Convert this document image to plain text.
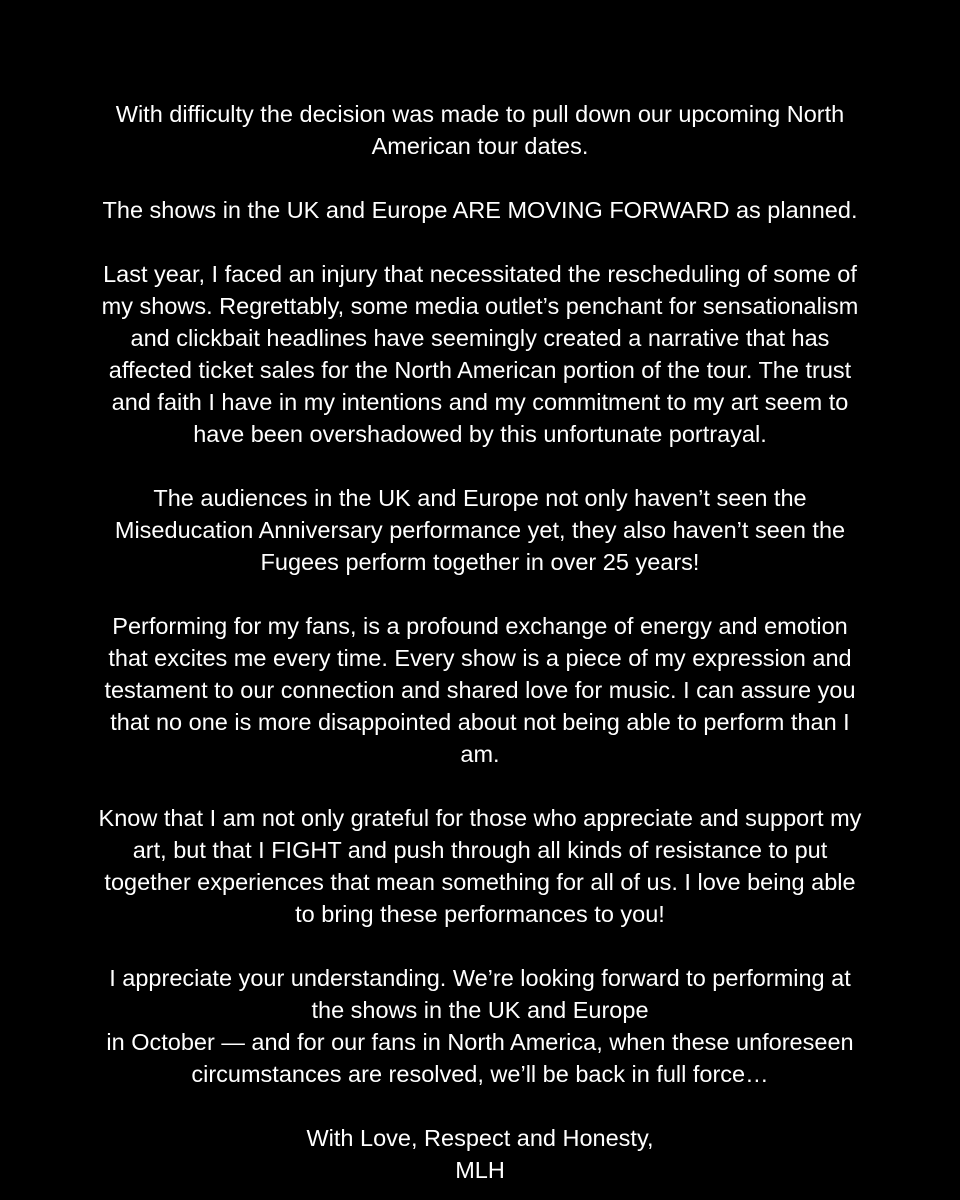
With difficulty the decision was made to pull down our upcoming North
American tour dates.

The shows in the UK and Europe ARE MOVING FORWARD as planned.

Last year, I faced an injury that necessitated the rescheduling of some of
my shows. Regrettably, some media outlet’s penchant for sensationalism
and clickbait headlines have seemingly created a narrative that has
affected ticket sales for the North American portion of the tour. The trust
and faith I have in my intentions and my commitment to my art seem to
have been overshadowed by this unfortunate portrayal.

The audiences in the UK and Europe not only haven’t seen the
Miseducation Anniversary performance yet, they also haven’t seen the
Fugees perform together in over 25 years!

Performing for my fans, is a profound exchange of energy and emotion
that excites me every time. Every show is a piece of my expression and
testament to our connection and shared love for music. I can assure you
that no one is more disappointed about not being able to perform than I
am.

Know that I am not only grateful for those who appreciate and support my
art, but that I FIGHT and push through all kinds of resistance to put
together experiences that mean something for all of us. I love being able
to bring these performances to you!

I appreciate your understanding. We’re looking forward to performing at
the shows in the UK and Europe
in October — and for our fans in North America, when these unforeseen
circumstances are resolved, we’ll be back in full force…

With Love, Respect and Honesty,
MLH
